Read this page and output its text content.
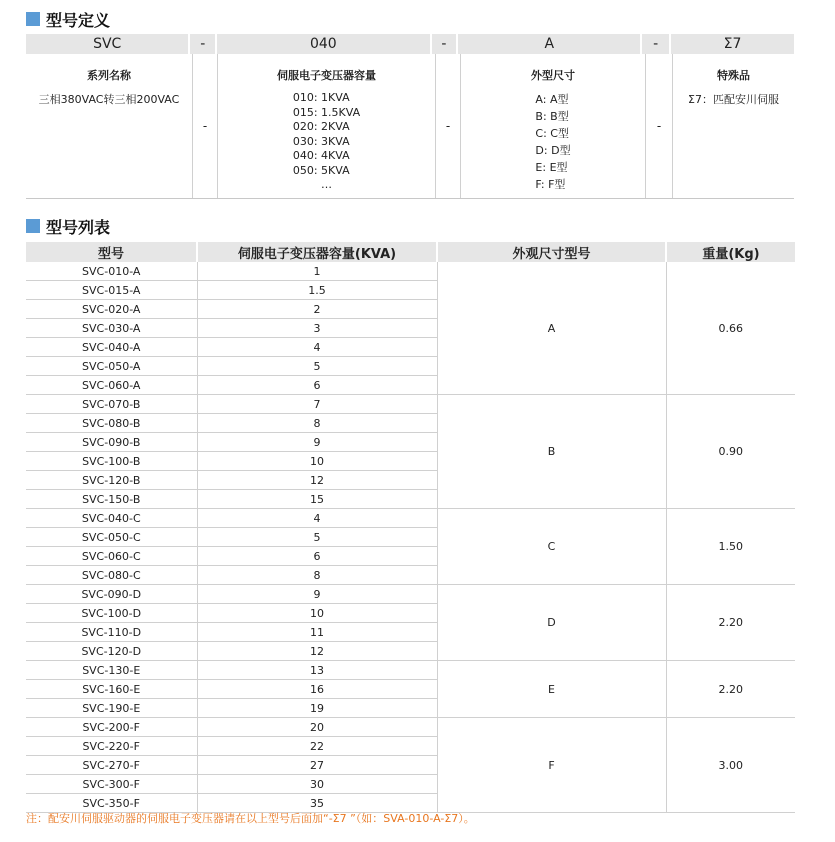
型号定义
SVC	-	040	-	A	-	Σ7
系列名称
三相380VAC转三相200VAC
-
伺服电子变压器容量
010: 1KVA
015: 1.5KVA
020: 2KVA
030: 3KVA
040: 4KVA
050: 5KVA
…
-
外型尺寸
A: A型
B: B型
C: C型
D: D型
E: E型
F: F型
-
特殊品
Σ7：匹配安川伺服
型号列表
型号	伺服电子变压器容量(KVA)	外观尺寸型号	重量(Kg)
SVC-010-A	1	A	0.66
SVC-015-A	1.5		
SVC-020-A	2		
SVC-030-A	3		
SVC-040-A	4		
SVC-050-A	5		
SVC-060-A	6		
SVC-070-B	7	B	0.90
SVC-080-B	8		
SVC-090-B	9		
SVC-100-B	10		
SVC-120-B	12		
SVC-150-B	15		
SVC-040-C	4	C	1.50
SVC-050-C	5		
SVC-060-C	6		
SVC-080-C	8		
SVC-090-D	9	D	2.20
SVC-100-D	10		
SVC-110-D	11		
SVC-120-D	12		
SVC-130-E	13	E	2.20
SVC-160-E	16		
SVC-190-E	19		
SVC-200-F	20	F	3.00
SVC-220-F	22		
SVC-270-F	27		
SVC-300-F	30		
SVC-350-F	35		
注：配安川伺服驱动器的伺服电子变压器请在以上型号后面加“-Σ7 ”（如：SVA-010-A-Σ7）。
